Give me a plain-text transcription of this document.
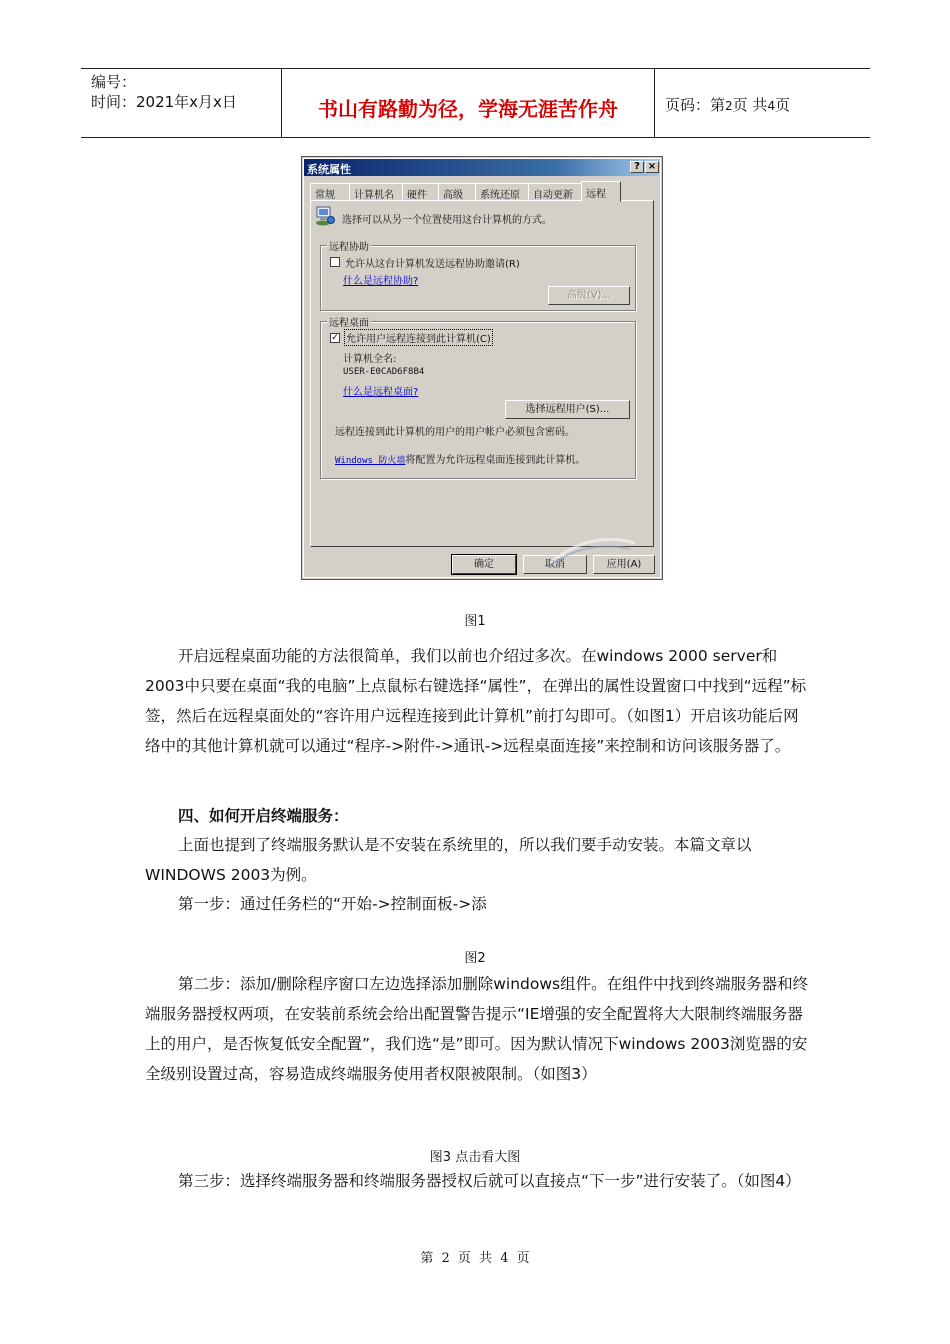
编号：
时间：2021年x月x日	书山有路勤为径，学海无涯苦作舟	页码：第2页 共4页
系统属性	? ×
常规	计算机名	硬件	高级	系统还原	自动更新	远程
选择可以从另一个位置使用这台计算机的方式。
远程协助
允许从这台计算机发送远程协助邀请(R)
什么是远程协助?
高级(V)...
远程桌面
✓ 允许用户远程连接到此计算机(C)
计算机全名:
USER-E0CAD6F8B4
什么是远程桌面?
选择远程用户(S)...
远程连接到此计算机的用户的用户帐户必须包含密码。
Windows 防火墙将配置为允许远程桌面连接到此计算机。
确定	取消	应用(A)
图1
开启远程桌面功能的方法很简单，我们以前也介绍过多次。在windows 2000 server和2003中只要在桌面“我的电脑”上点鼠标右键选择“属性”，在弹出的属性设置窗口中找到“远程”标签，然后在远程桌面处的“容许用户远程连接到此计算机”前打勾即可。（如图1）开启该功能后网络中的其他计算机就可以通过“程序->附件->通讯->远程桌面连接”来控制和访问该服务器了。
四、如何开启终端服务：
上面也提到了终端服务默认是不安装在系统里的，所以我们要手动安装。本篇文章以WINDOWS 2003为例。
第一步：通过任务栏的“开始->控制面板->添
图2
第二步：添加/删除程序窗口左边选择添加删除windows组件。在组件中找到终端服务器和终端服务器授权两项，在安装前系统会给出配置警告提示“IE增强的安全配置将大大限制终端服务器上的用户，是否恢复低安全配置”，我们选“是”即可。因为默认情况下windows 2003浏览器的安全级别设置过高，容易造成终端服务使用者权限被限制。（如图3）
图3 点击看大图
第三步：选择终端服务器和终端服务器授权后就可以直接点“下一步”进行安装了。（如图4）
第 2 页 共 4 页
